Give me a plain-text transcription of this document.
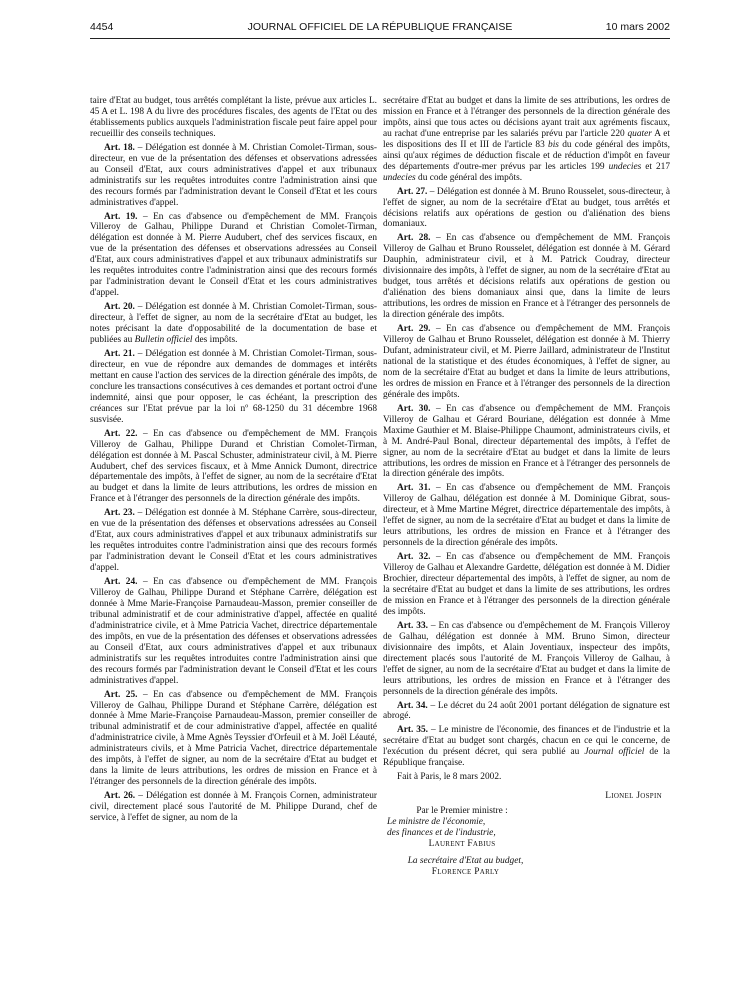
4454	JOURNAL OFFICIEL DE LA RÉPUBLIQUE FRANÇAISE	10 mars 2002

taire d'Etat au budget, tous arrêtés complétant la liste, prévue aux articles L. 45 A et L. 198 A du livre des procédures fiscales, des agents de l'Etat ou des établissements publics auxquels l'administration fiscale peut faire appel pour recueillir des conseils techniques.

Art. 18. – Délégation est donnée à M. Christian Comolet-Tirman, sous-directeur, en vue de la présentation des défenses et observations adressées au Conseil d'Etat, aux cours administratives d'appel et aux tribunaux administratifs sur les requêtes introduites contre l'administration ainsi que des recours formés par l'administration devant le Conseil d'Etat et les cours administratives d'appel.

Art. 19. – En cas d'absence ou d'empêchement de MM. François Villeroy de Galhau, Philippe Durand et Christian Comolet-Tirman, délégation est donnée à M. Pierre Audubert, chef des services fiscaux, en vue de la présentation des défenses et observations adressées au Conseil d'Etat, aux cours administratives d'appel et aux tribunaux administratifs sur les requêtes introduites contre l'administration ainsi que des recours formés par l'administration devant le Conseil d'Etat et les cours administratives d'appel.

Art. 20. – Délégation est donnée à M. Christian Comolet-Tirman, sous-directeur, à l'effet de signer, au nom de la secrétaire d'Etat au budget, les notes précisant la date d'opposabilité de la documentation de base et publiées au Bulletin officiel des impôts.

Art. 21. – Délégation est donnée à M. Christian Comolet-Tirman, sous-directeur, en vue de répondre aux demandes de dommages et intérêts mettant en cause l'action des services de la direction générale des impôts, de conclure les transactions consécutives à ces demandes et portant octroi d'une indemnité, ainsi que pour opposer, le cas échéant, la prescription des créances sur l'Etat prévue par la loi nº 68-1250 du 31 décembre 1968 susvisée.

Art. 22. – En cas d'absence ou d'empêchement de MM. François Villeroy de Galhau, Philippe Durand et Christian Comolet-Tirman, délégation est donnée à M. Pascal Schuster, administrateur civil, à M. Pierre Audubert, chef des services fiscaux, et à Mme Annick Dumont, directrice départementale des impôts, à l'effet de signer, au nom de la secrétaire d'Etat au budget et dans la limite de leurs attributions, les ordres de mission en France et à l'étranger des personnels de la direction générale des impôts.

Art. 23. – Délégation est donnée à M. Stéphane Carrère, sous-directeur, en vue de la présentation des défenses et observations adressées au Conseil d'Etat, aux cours administratives d'appel et aux tribunaux administratifs sur les requêtes introduites contre l'administration ainsi que des recours formés par l'administration devant le Conseil d'Etat et les cours administratives d'appel.

Art. 24. – En cas d'absence ou d'empêchement de MM. François Villeroy de Galhau, Philippe Durand et Stéphane Carrère, délégation est donnée à Mme Marie-Françoise Parnaudeau-Masson, premier conseiller de tribunal administratif et de cour administrative d'appel, affectée en qualité d'administratrice civile, et à Mme Patricia Vachet, directrice départementale des impôts, en vue de la présentation des défenses et observations adressées au Conseil d'Etat, aux cours administratives d'appel et aux tribunaux administratifs sur les requêtes introduites contre l'administration ainsi que des recours formés par l'administration devant le Conseil d'Etat et les cours administratives d'appel.

Art. 25. – En cas d'absence ou d'empêchement de MM. François Villeroy de Galhau, Philippe Durand et Stéphane Carrère, délégation est donnée à Mme Marie-Françoise Parnaudeau-Masson, premier conseiller de tribunal administratif et de cour administrative d'appel, affectée en qualité d'administratrice civile, à Mme Agnès Teyssier d'Orfeuil et à M. Joël Léauté, administrateurs civils, et à Mme Patricia Vachet, directrice départementale des impôts, à l'effet de signer, au nom de la secrétaire d'Etat au budget et dans la limite de leurs attributions, les ordres de mission en France et à l'étranger des personnels de la direction générale des impôts.

Art. 26. – Délégation est donnée à M. François Cornen, administrateur civil, directement placé sous l'autorité de M. Philippe Durand, chef de service, à l'effet de signer, au nom de la

secrétaire d'Etat au budget et dans la limite de ses attributions, les ordres de mission en France et à l'étranger des personnels de la direction générale des impôts, ainsi que tous actes ou décisions ayant trait aux agréments fiscaux, au rachat d'une entreprise par les salariés prévu par l'article 220 quater A et les dispositions des II et III de l'article 83 bis du code général des impôts, ainsi qu'aux régimes de déduction fiscale et de réduction d'impôt en faveur des départements d'outre-mer prévus par les articles 199 undecies et 217 undecies du code général des impôts.

Art. 27. – Délégation est donnée à M. Bruno Rousselet, sous-directeur, à l'effet de signer, au nom de la secrétaire d'Etat au budget, tous arrêtés et décisions relatifs aux opérations de gestion ou d'aliénation des biens domaniaux.

Art. 28. – En cas d'absence ou d'empêchement de MM. François Villeroy de Galhau et Bruno Rousselet, délégation est donnée à M. Gérard Dauphin, administrateur civil, et à M. Patrick Coudray, directeur divisionnaire des impôts, à l'effet de signer, au nom de la secrétaire d'Etat au budget, tous arrêtés et décisions relatifs aux opérations de gestion ou d'aliénation des biens domaniaux ainsi que, dans la limite de leurs attributions, les ordres de mission en France et à l'étranger des personnels de la direction générale des impôts.

Art. 29. – En cas d'absence ou d'empêchement de MM. François Villeroy de Galhau et Bruno Rousselet, délégation est donnée à M. Thierry Dufant, administrateur civil, et M. Pierre Jaillard, administrateur de l'Institut national de la statistique et des études économiques, à l'effet de signer, au nom de la secrétaire d'Etat au budget et dans la limite de leurs attributions, les ordres de mission en France et à l'étranger des personnels de la direction générale des impôts.

Art. 30. – En cas d'absence ou d'empêchement de MM. François Villeroy de Galhau et Gérard Bouriane, délégation est donnée à Mme Maxime Gauthier et M. Blaise-Philippe Chaumont, administrateurs civils, et à M. André-Paul Bonal, directeur départemental des impôts, à l'effet de signer, au nom de la secrétaire d'Etat au budget et dans la limite de leurs attributions, les ordres de mission en France et à l'étranger des personnels de la direction générale des impôts.

Art. 31. – En cas d'absence ou d'empêchement de MM. François Villeroy de Galhau, délégation est donnée à M. Dominique Gibrat, sous-directeur, et à Mme Martine Mégret, directrice départementale des impôts, à l'effet de signer, au nom de la secrétaire d'Etat au budget et dans la limite de leurs attributions, les ordres de mission en France et à l'étranger des personnels de la direction générale des impôts.

Art. 32. – En cas d'absence ou d'empêchement de MM. François Villeroy de Galhau et Alexandre Gardette, délégation est donnée à M. Didier Brochier, directeur départemental des impôts, à l'effet de signer, au nom de la secrétaire d'Etat au budget et dans la limite de ses attributions, les ordres de mission en France et à l'étranger des personnels de la direction générale des impôts.

Art. 33. – En cas d'absence ou d'empêchement de M. François Villeroy de Galhau, délégation est donnée à MM. Bruno Simon, directeur divisionnaire des impôts, et Alain Joventiaux, inspecteur des impôts, directement placés sous l'autorité de M. François Villeroy de Galhau, à l'effet de signer, au nom de la secrétaire d'Etat au budget et dans la limite de leurs attributions, les ordres de mission en France et à l'étranger des personnels de la direction générale des impôts.

Art. 34. – Le décret du 24 août 2001 portant délégation de signature est abrogé.

Art. 35. – Le ministre de l'économie, des finances et de l'industrie et la secrétaire d'Etat au budget sont chargés, chacun en ce qui le concerne, de l'exécution du présent décret, qui sera publié au Journal officiel de la République française.

Fait à Paris, le 8 mars 2002.

Lionel Jospin
Par le Premier ministre :
Le ministre de l'économie,
des finances et de l'industrie,
Laurent Fabius
La secrétaire d'Etat au budget,
Florence Parly
